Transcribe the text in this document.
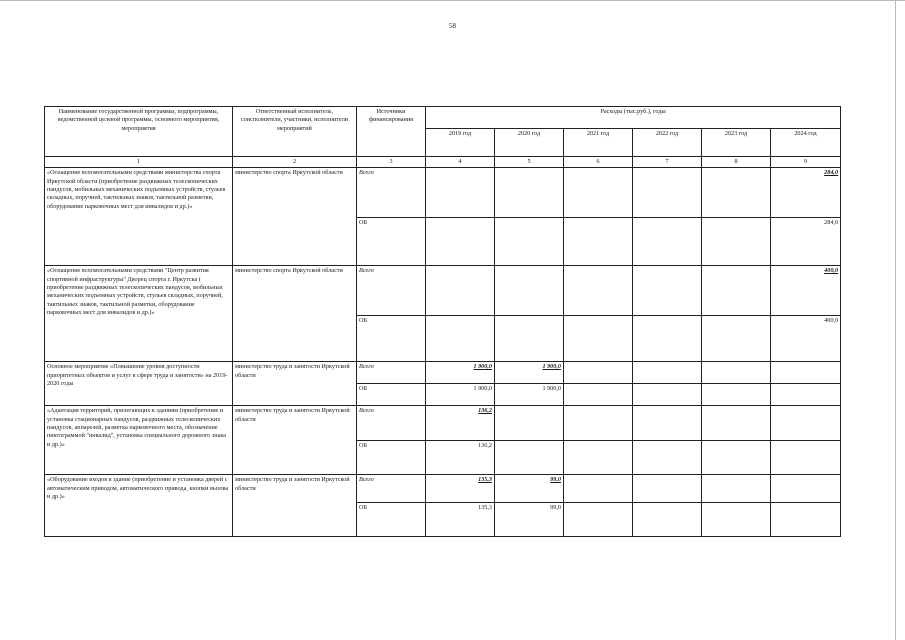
58
Наименование государственной программы, подпрограммы, ведомственной целевой программы, основного мероприятия, мероприятия	Ответственный исполнитель, соисполнители, участники, исполнители мероприятий	Источники финансирования	Расходы (тыс.руб.), годы					
			2019 год	2020 год	2021 год	2022 год	2023 год	2024 год
1	2	3	4	5	6	7	8	9
«Оснащение вспомогательными средствами министерства спорта Иркутской области (приобретение раздвижных телескопических пандусов, мобильных механических подъемных устройств, стульев складных, поручней, тактильных знаков, тактильной разметки, оборудование парковочных мест для инвалидов и др.)»	министерство спорта Иркутской области	Всего						284,0
		ОБ						284,0
«Оснащение вспомогательными средствами "Центр развития спортивной инфраструктуры" Дворец спорта г. Иркутска ( приобретение раздвижных телескопических пандусов, мобильных механических подъемных устройств, стульев складных, поручней, тактильных знаков, тактильной разметки, оборудование парковочных мест для инвалидов и др.)»	министерство спорта Иркутской области	Всего						400,0
		ОБ						400,0
Основное мероприятие «Повышение уровня доступности приоритетных объектов и услуг в сфере труда и занятости» на 2019-2020 годы	министерство труда и занятости Иркутской области	Всего	1 900,0	1 900,0				
		ОБ	1 900,0	1 900,0				
«Адаптация территорий, прилегающих к зданиям (приобретение и установка стационарных пандусов, раздвижных телескопических пандусов, аппарелей, разметка парковочного места, обозначение пиктограммой "инвалид", установка специального дорожного знака и др.)»	министерство труда и занятости Иркутской области	Всего	136,2					
		ОБ	136,2					
«Оборудование входов в здание (приобретение и установка дверей с автоматическим приводом, автоматического привода, кнопки вызова и др.)»	министерство труда и занятости Иркутской области	Всего	135,3	99,0				
		ОБ	135,3	99,0				
